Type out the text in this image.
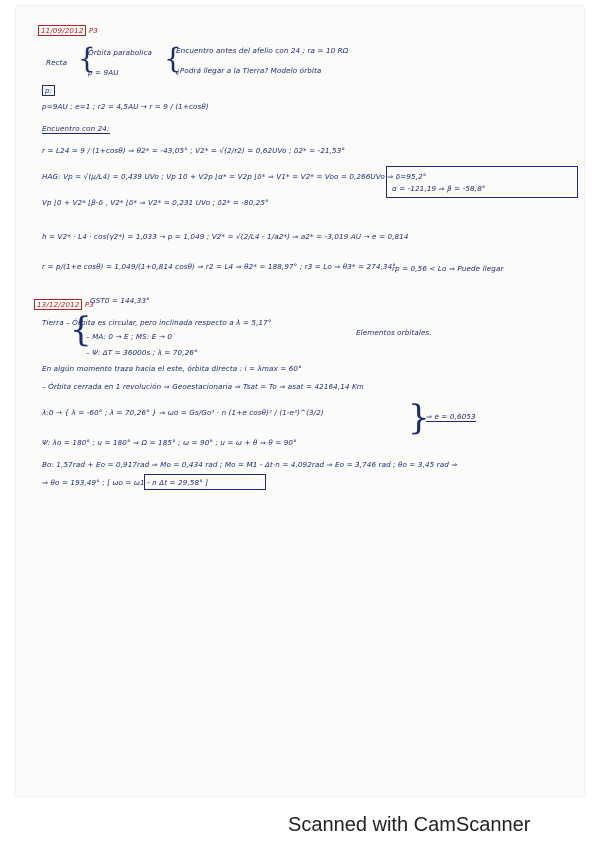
11/09/2012 P3
Recta {
Órbita parabolica
p = 9AU {
Encuentro antes del afelio con 24 ; ra = 10 RΩ
¿Podrá llegar a la Tierra? Modelo órbita
p:
p=9AU ; e=1 ; r2 = 4,5AU → r = 9 / (1+cosθ)
Encuentro con 24:
r = L24 = 9 / (1+cosθ) ⇒ θ2* = -43,05° ; V2* = √(2/r2) = 0,62UVo ; δ2* = -21,53°
HAG: Vp = √(μ/L4) = 0,439 UVo ; Vp 10 + V2p ⌊α* = V2p ⌊δ* ⇒ V1* = V2* = Voo = 0,266UVo ⇒ δ=95,2°
α = -121,19 ⇒ β = -58,8°
Vp ⌊0 + V2* ⌊β-δ , V2* ⌊δ* ⇒ V2* = 0,231 UVo ; δ2* = -80,25°
h = V2* · L4 · cos(γ2*) = 1,033 → p = 1,049 ; V2* = √(2/L4 - 1/a2*) ⇒ a2* = -3,019 AU → e = 0,814
r = p/(1+e cosθ) = 1,049/(1+0,814 cosθ) ⇒ r2 = L4 ⇒ θ2* = 188,97° ; r3 = Lo ⇒ θ3* = 274,34°
rp = 0,56 < Lo ⇒ Puede llegar
13/12/2012 P3
GST0 = 144,33°
Tierra – Órbita es circular, pero inclinada respecto a λ = 5,17°
{
– MA: 0 → E ; MS: E → 0
– Ψ: ΔT = 36000s ; λ = 70,26°
Elementos orbitales.
En algún momento traza hacia el este, órbita directa : i = λmax = 60°
– Órbita cerrada en 1 revolución ⇒ Geoestacionaria ⇒ Tsat = To ⇒ asat = 42164,14 Km
λ:0 → { λ = -60° ; λ = 70,26° } ⇒ ωo = Gs/Go³ · n (1+e cosθ)² / (1-e²)^(3/2) {
⇒ e = 0,6053
Ψ: λo = 180° ; u = 180° ⇒ Ω = 185° ; ω = 90° ; u = ω + θ ⇒ θ = 90°
Bo: 1,57rad + Eo = 0,917rad ⇒ Mo = 0,434 rad ; Mo = M1 - Δt·n = 4,092rad ⇒ Eo = 3,746 rad ; θo = 3,45 rad ⇒
⇒ θo = 193,49° ; [ ωo = ω1 - n Δt = 29,58° ]
Scanned with CamScanner
